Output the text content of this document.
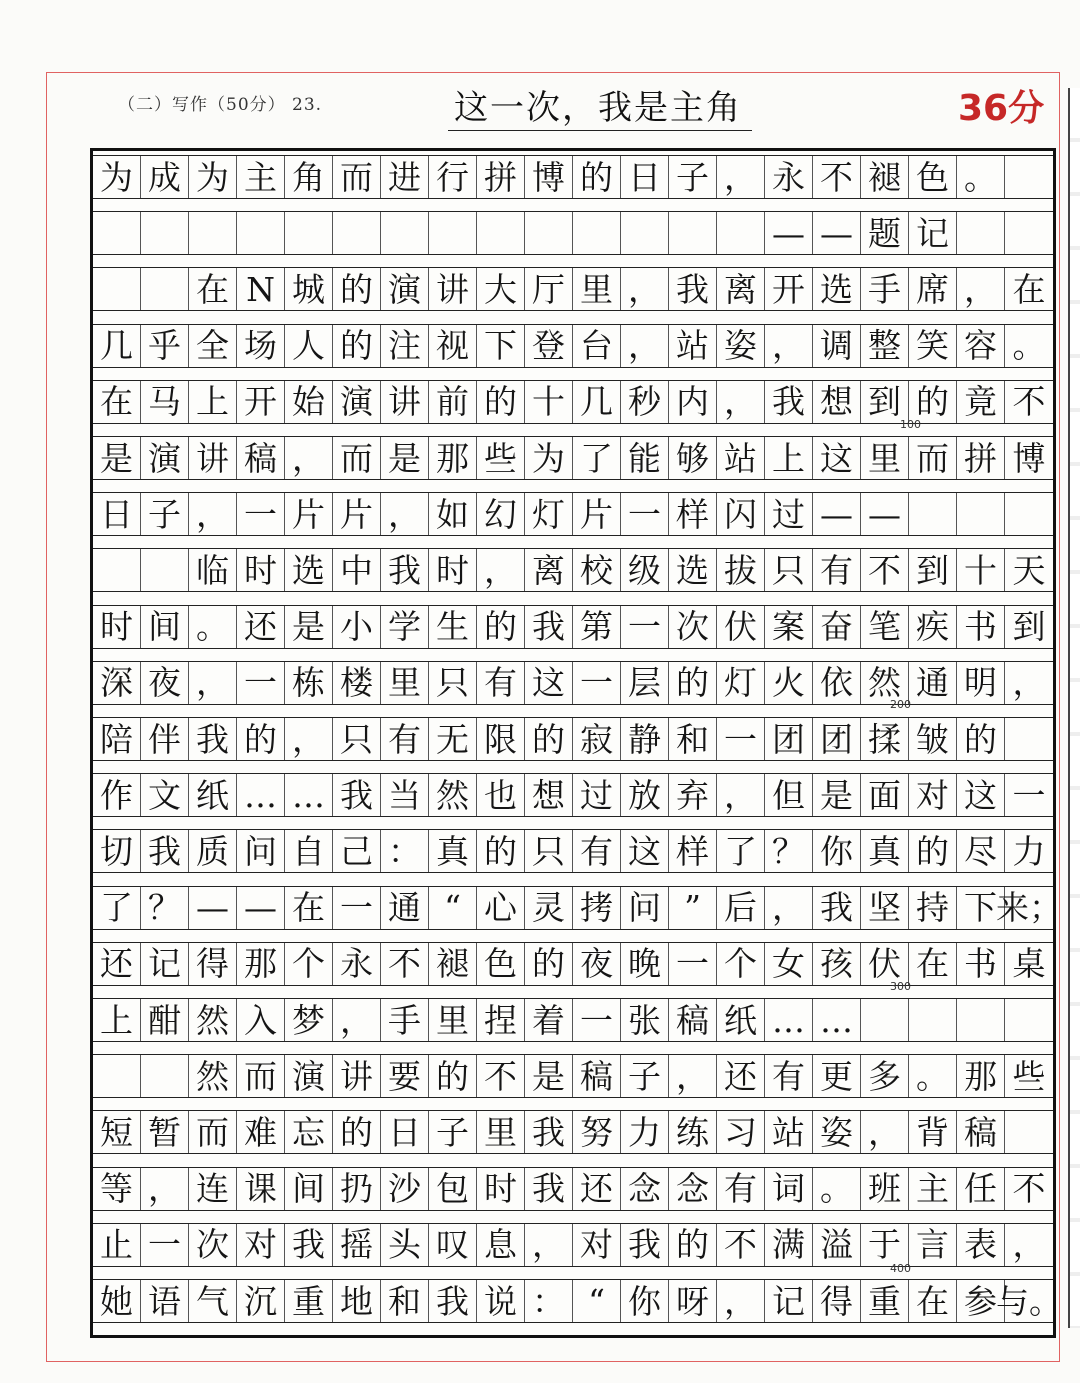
（二）写作（50分） 23.	这一次，我是主角	36分
为 成 为 主 角 而 进 行 拼 博 的 日 子 ， 永 不 褪 色 。
— — 题 记
在 N 城 的 演 讲 大 厅 里 ， 我 离 开 选 手 席 ， 在
几 乎 全 场 人 的 注 视 下 登 台 ， 站 姿 ， 调 整 笑 容 。
在 马 上 开 始 演 讲 前 的 十 几 秒 内 ， 我 想 到 的 竟 不
是 演 讲 稿 ， 而 是 那 些 为 了 能 够 站 上 这 里 而 拼 博
日 子 ， 一 片 片 ， 如 幻 灯 片 一 样 闪 过 — —
临 时 选 中 我 时 ， 离 校 级 选 拔 只 有 不 到 十 天
时 间 。 还 是 小 学 生 的 我 第 一 次 伏 案 奋 笔 疾 书 到
深 夜 ， 一 栋 楼 里 只 有 这 一 层 的 灯 火 依 然 通 明 ，
陪 伴 我 的 ， 只 有 无 限 的 寂 静 和 一 团 团 揉 皱 的
作 文 纸 … … 我 当 然 也 想 过 放 弃 ， 但 是 面 对 这 一
切 我 质 问 自 己 ： 真 的 只 有 这 样 了 ？ 你 真 的 尽 力
了 ？ — — 在 一 通 “ 心 灵 拷 问 ” 后 ， 我 坚 持 下 来；
还 记 得 那 个 永 不 褪 色 的 夜 晚 一 个 女 孩 伏 在 书 桌
上 酣 然 入 梦 ， 手 里 捏 着 一 张 稿 纸 … …
然 而 演 讲 要 的 不 是 稿 子 ， 还 有 更 多 。 那 些
短 暂 而 难 忘 的 日 子 里 我 努 力 练 习 站 姿 ， 背 稿
等 ， 连 课 间 扔 沙 包 时 我 还 念 念 有 词 。 班 主 任 不
止 一 次 对 我 摇 头 叹 息 ， 对 我 的 不 满 溢 于 言 表 ，
她 语 气 沉 重 地 和 我 说 ： “ 你 呀 ， 记 得 重 在 参 与。
100
200
300
400
